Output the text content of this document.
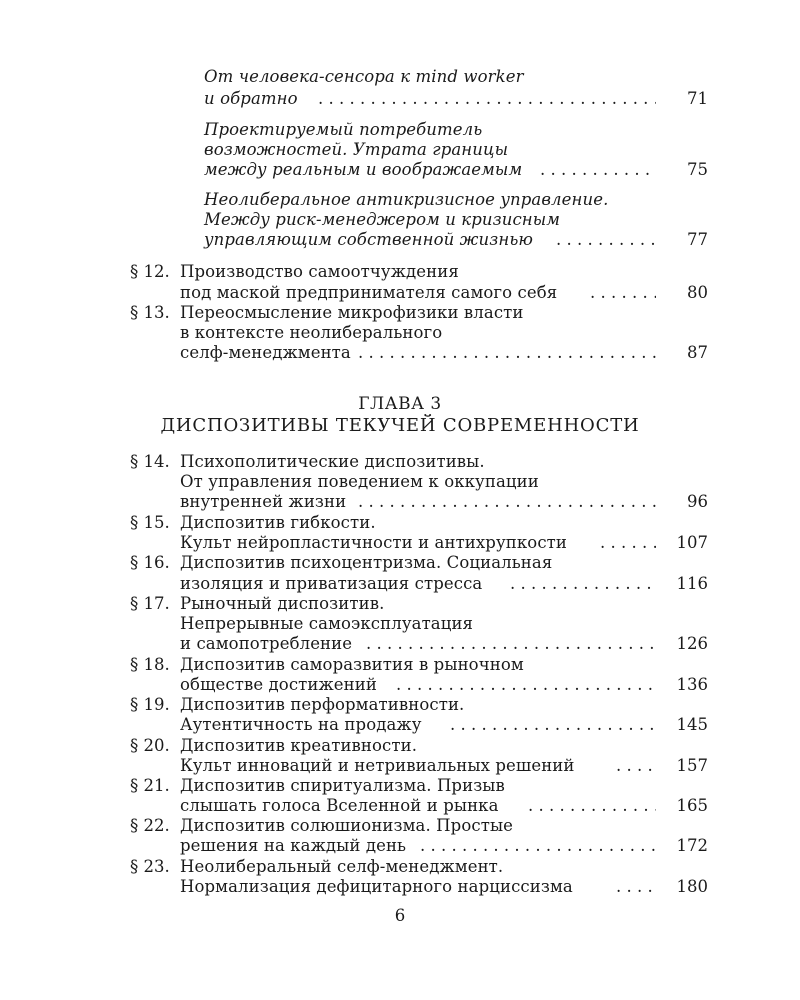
От человека-сенсора к mind worker
и обратно . . .	71
Проектируемый потребитель
возможностей. Утрата границы
между реальным и воображаемым . . .	75
Неолиберальное антикризисное управление.
Между риск-менеджером и кризисным
управляющим собственной жизнью . . .	77
§ 12. Производство самоотчуждения
под маской предпринимателя самого себя . . .	80
§ 13. Переосмысление микрофизики власти
в контексте неолиберального
селф-менеджмента . . .	87
ГЛАВА 3
ДИСПОЗИТИВЫ ТЕКУЧЕЙ СОВРЕМЕННОСТИ
§ 14. Психополитические диспозитивы.
От управления поведением к оккупации
внутренней жизни . . .	96
§ 15. Диспозитив гибкости.
Культ нейропластичности и антихрупкости . . .	107
§ 16. Диспозитив психоцентризма. Социальная
изоляция и приватизация стресса . . .	116
§ 17. Рыночный диспозитив.
Непрерывные самоэксплуатация
и самопотребление . . .	126
§ 18. Диспозитив саморазвития в рыночном
обществе достижений . . .	136
§ 19. Диспозитив перформативности.
Аутентичность на продажу . . .	145
§ 20. Диспозитив креативности.
Культ инноваций и нетривиальных решений . . .	157
§ 21. Диспозитив спиритуализма. Призыв
слышать голоса Вселенной и рынка . . .	165
§ 22. Диспозитив солюшионизма. Простые
решения на каждый день . . .	172
§ 23. Неолиберальный селф-менеджмент.
Нормализация дефицитарного нарциссизма . . .	180
6
